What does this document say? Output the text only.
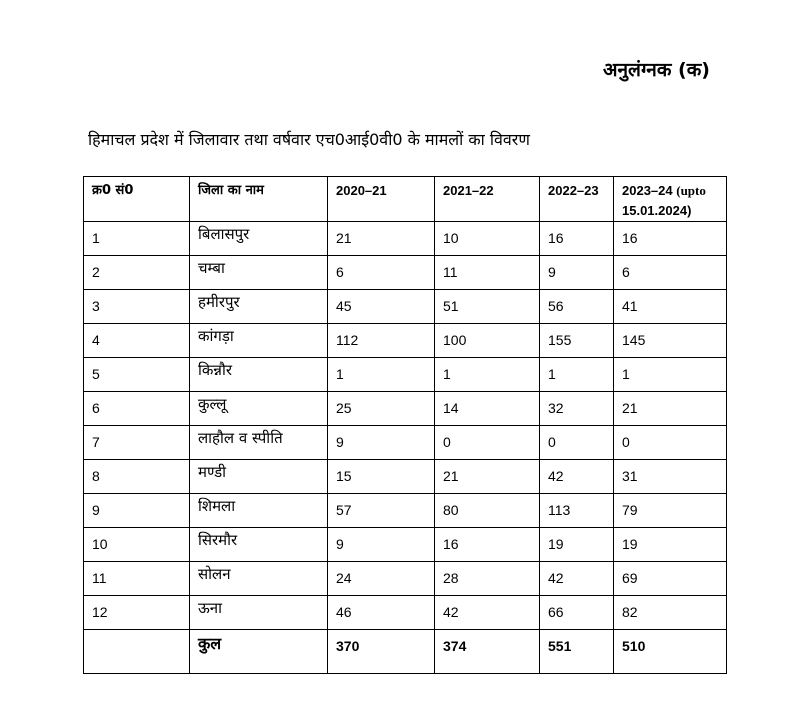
अनुलंग्नक (क)
हिमाचल प्रदेश में जिलावार तथा वर्षवार एच0आई0वी0 के मामलों का विवरण
क्र0 सं0	जिला का नाम	2020–21	2021–22	2022–23	2023–24 (upto
15.01.2024)
1	बिलासपुर	21	10	16	16
2	चम्बा	6	11	9	6
3	हमीरपुर	45	51	56	41
4	कांगड़ा	112	100	155	145
5	किन्नौर	1	1	1	1
6	कुल्लू	25	14	32	21
7	लाहौल व स्पीति	9	0	0	0
8	मण्डी	15	21	42	31
9	शिमला	57	80	113	79
10	सिरमौर	9	16	19	19
11	सोलन	24	28	42	69
12	ऊना	46	42	66	82
	कुल	370	374	551	510
